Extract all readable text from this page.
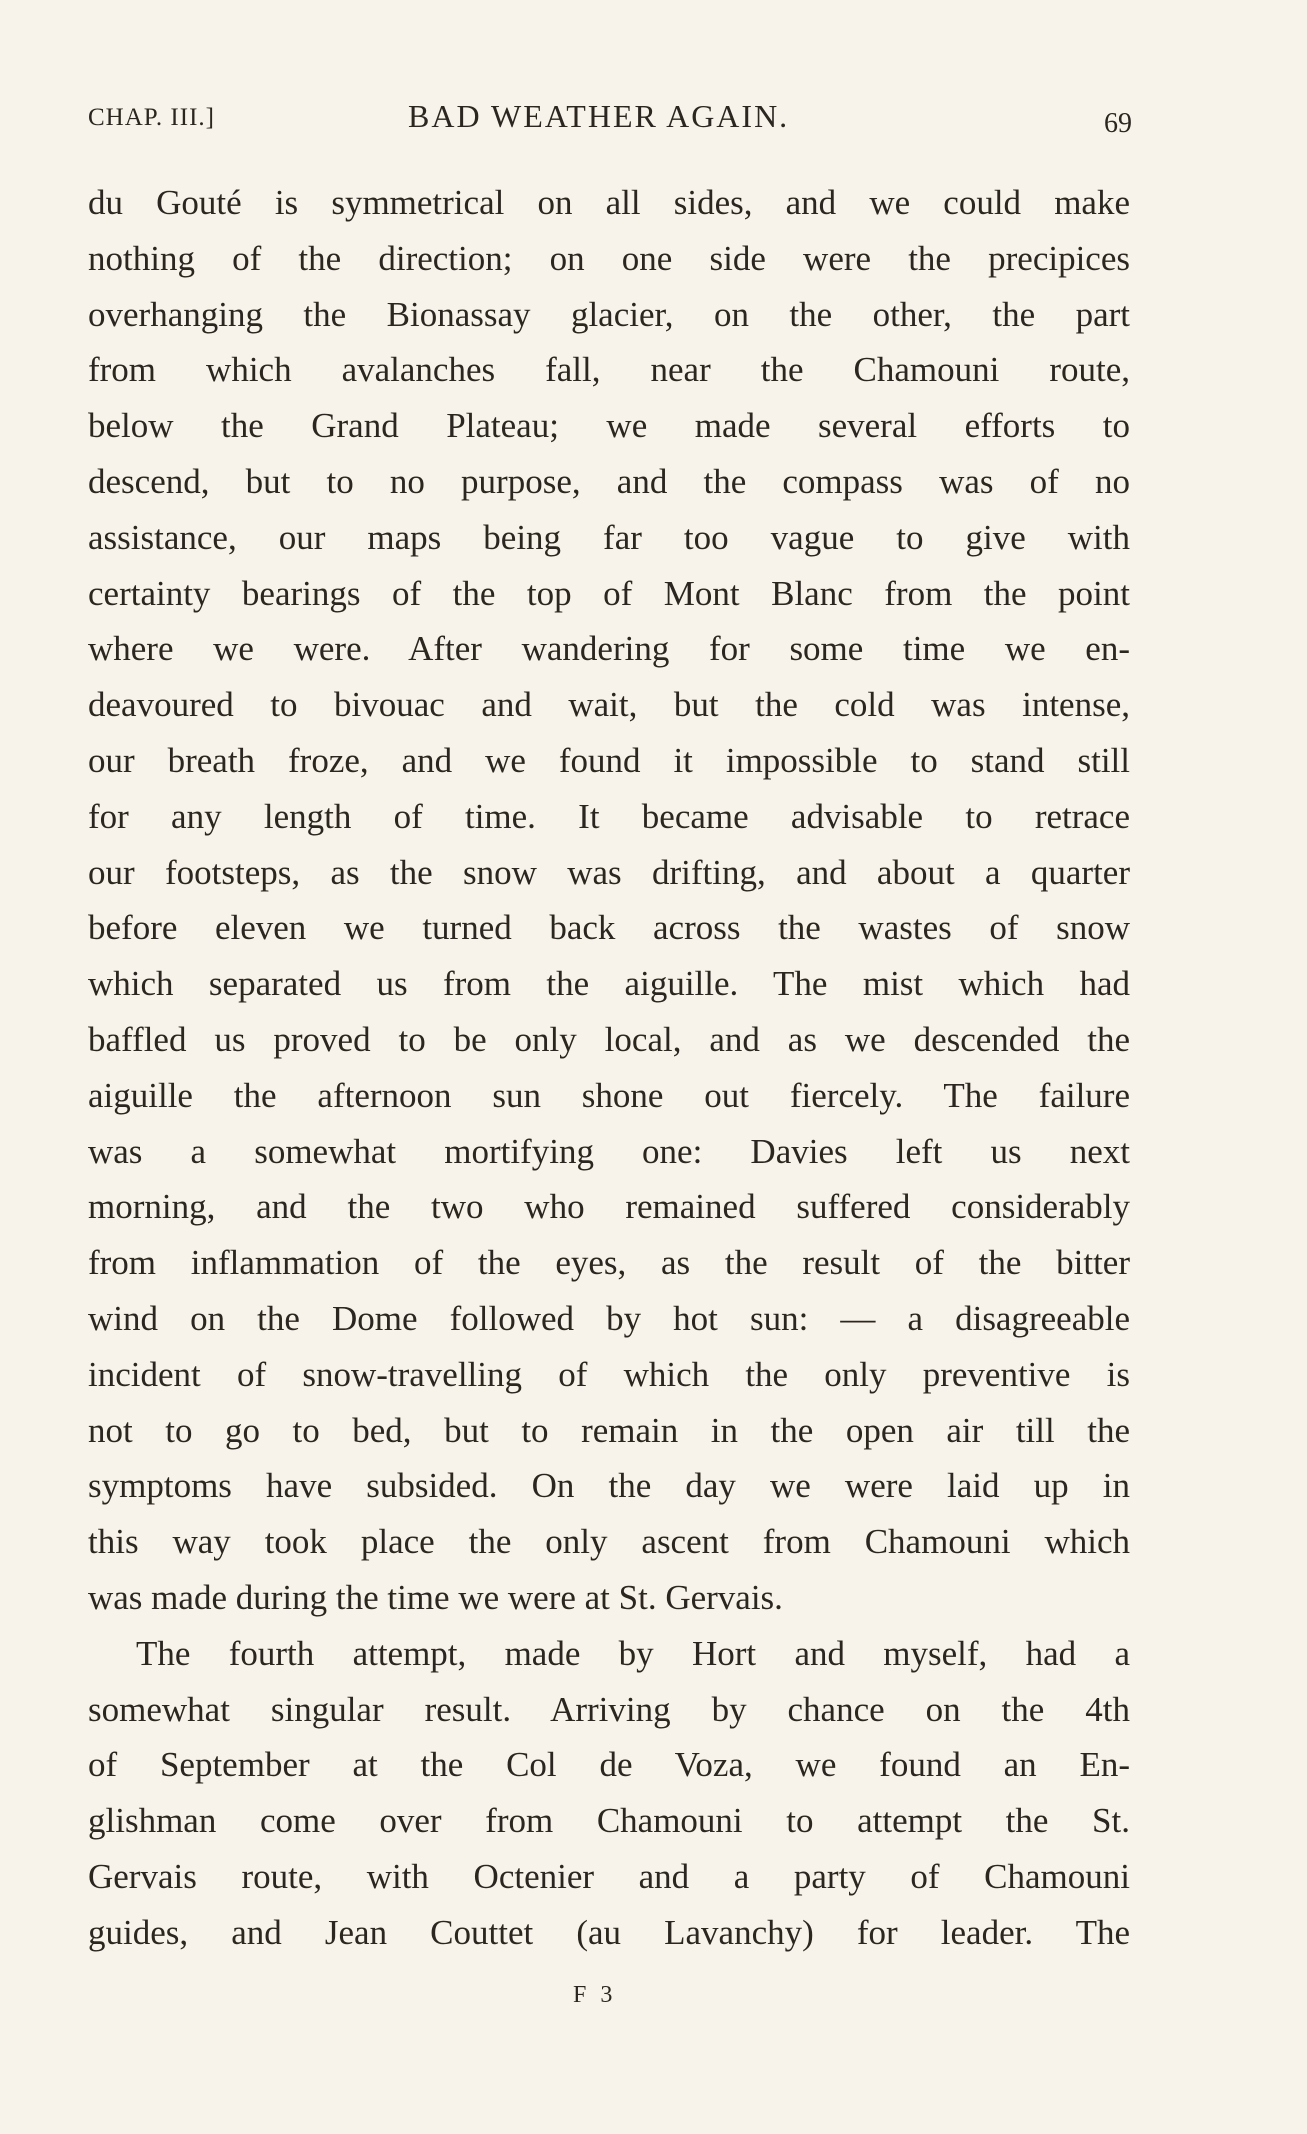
CHAP. III.]	BAD WEATHER AGAIN.	69
du Gouté is symmetrical on all sides, and we could make
nothing of the direction; on one side were the precipices
overhanging the Bionassay glacier, on the other, the part
from which avalanches fall, near the Chamouni route,
below the Grand Plateau; we made several efforts to
descend, but to no purpose, and the compass was of no
assistance, our maps being far too vague to give with
certainty bearings of the top of Mont Blanc from the point
where we were. After wandering for some time we en-
deavoured to bivouac and wait, but the cold was intense,
our breath froze, and we found it impossible to stand still
for any length of time. It became advisable to retrace
our footsteps, as the snow was drifting, and about a quarter
before eleven we turned back across the wastes of snow
which separated us from the aiguille. The mist which had
baffled us proved to be only local, and as we descended the
aiguille the afternoon sun shone out fiercely. The failure
was a somewhat mortifying one: Davies left us next
morning, and the two who remained suffered considerably
from inflammation of the eyes, as the result of the bitter
wind on the Dome followed by hot sun: — a disagreeable
incident of snow-travelling of which the only preventive is
not to go to bed, but to remain in the open air till the
symptoms have subsided. On the day we were laid up in
this way took place the only ascent from Chamouni which
was made during the time we were at St. Gervais.
The fourth attempt, made by Hort and myself, had a
somewhat singular result. Arriving by chance on the 4th
of September at the Col de Voza, we found an En-
glishman come over from Chamouni to attempt the St.
Gervais route, with Octenier and a party of Chamouni
guides, and Jean Couttet (au Lavanchy) for leader. The
F 3
